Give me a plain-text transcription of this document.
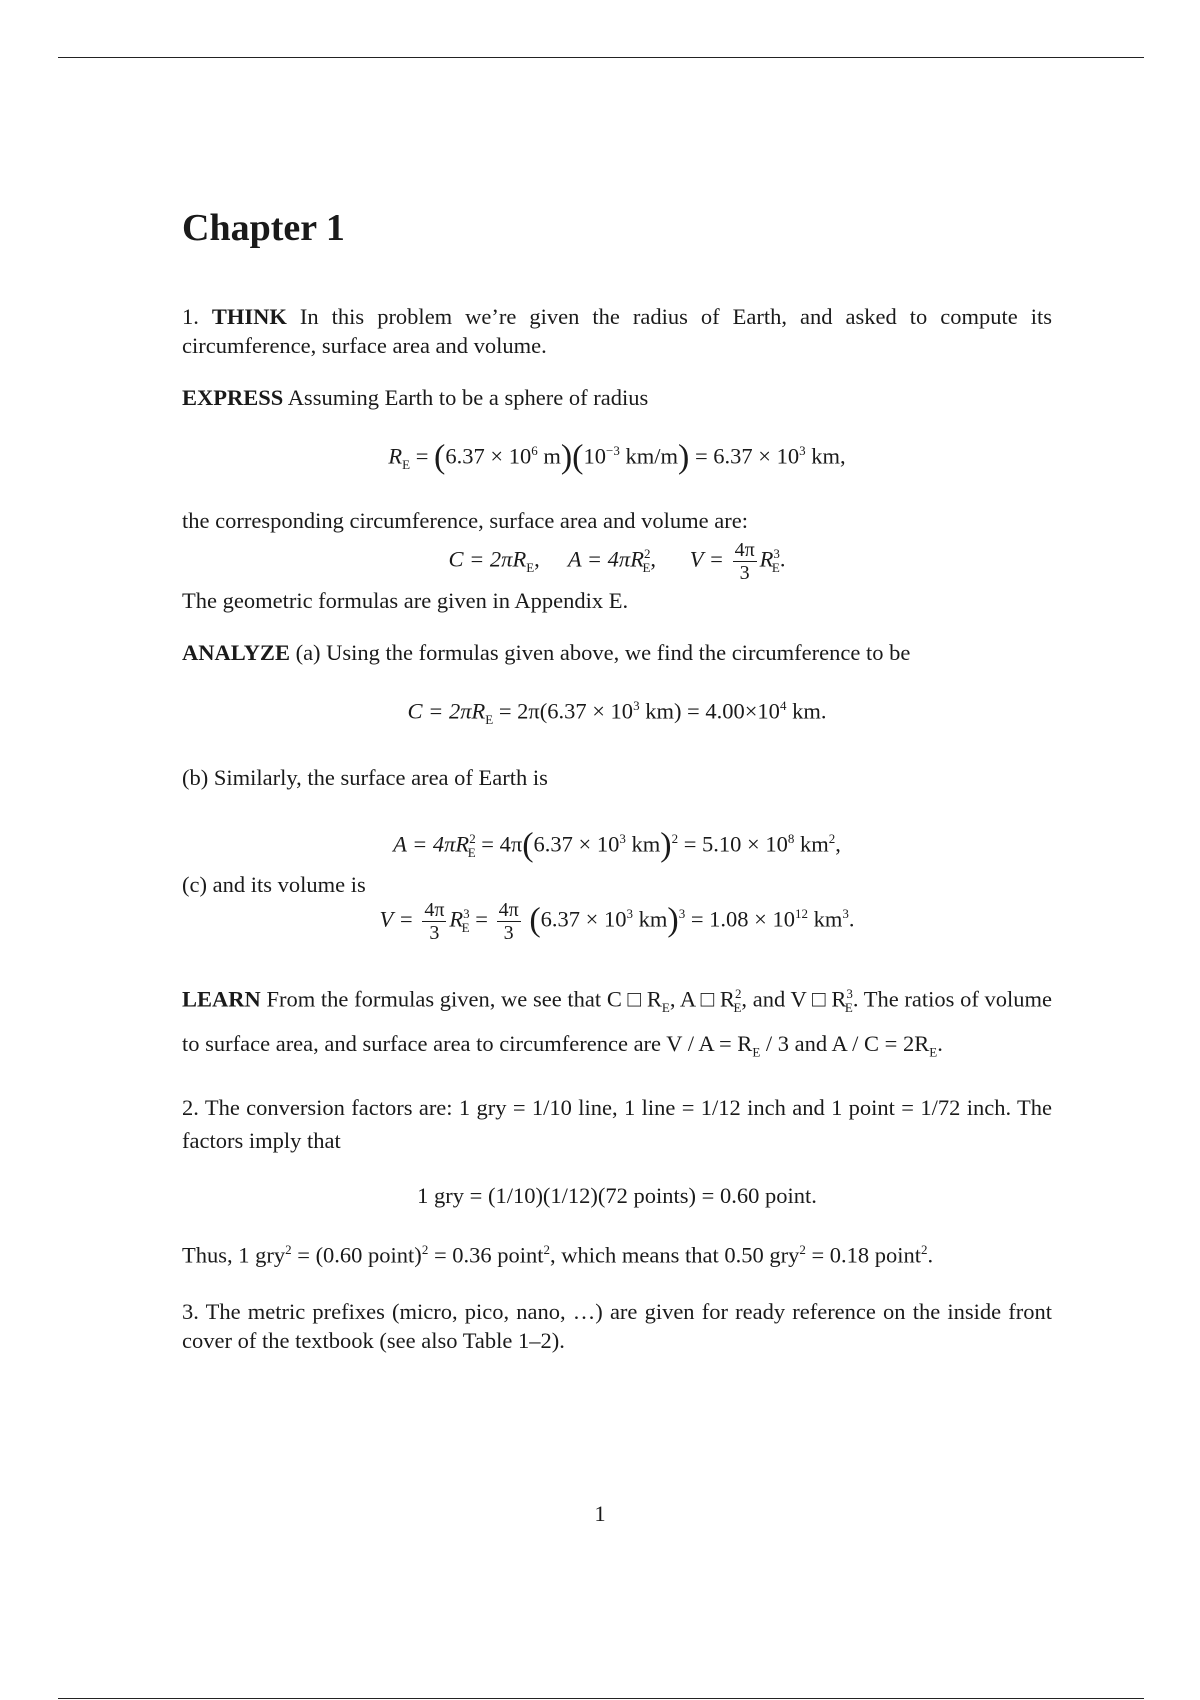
Chapter 1

1. THINK In this problem we’re given the radius of Earth, and asked to compute its circumference, surface area and volume.

EXPRESS Assuming Earth to be a sphere of radius

$R_E = (6.37 \times 10^6$ $m)(10^{-3}$ $km/m) = 6.37 \times 10^3$ km,

the corresponding circumference, surface area and volume are:

$C = 2\pi R_E$,     $A = 4\pi R^2_E$,      $V = \frac{4\pi}{3} R^3_E$.

The geometric formulas are given in Appendix E.

ANALYZE (a) Using the formulas given above, we find the circumference to be

$C = 2\pi R_E = 2\pi(6.37 \times 10^3$ $km) = 4.00\times 10^4$ km.

(b) Similarly, the surface area of Earth is

$A = 4\pi R^2_E = 4\pi(6.37 \times 10^3$ $km)^2 = 5.10 \times 10^8$ $km^2$,

(c) and its volume is

$V = \frac{4\pi}{3} R^3_E = \frac{4\pi}{3} (6.37 \times 10^3$ $km)^3 = 1.08 \times 10^{12}$ $km^3$.

LEARN From the formulas given, we see that C □ $R_E$, A □ $R^2_E$, and V □ $R^3_E$. The ratios of volume to surface area, and surface area to circumference are $V / A = R_E / 3$ and $A / C = 2R_E$.

2. The conversion factors are: 1 gry = 1/10 line, 1 line = 1/12 inch and 1 point = 1/72 inch. The factors imply that

1 gry = (1/10)(1/12)(72 points) = 0.60 point.

Thus, 1 gry$^2$ = (0.60 point)$^2$ = 0.36 point$^2$, which means that 0.50 gry$^2$ = 0.18 point$^2$.

3. The metric prefixes (micro, pico, nano, …) are given for ready reference on the inside front cover of the textbook (see also Table 1–2).

1
